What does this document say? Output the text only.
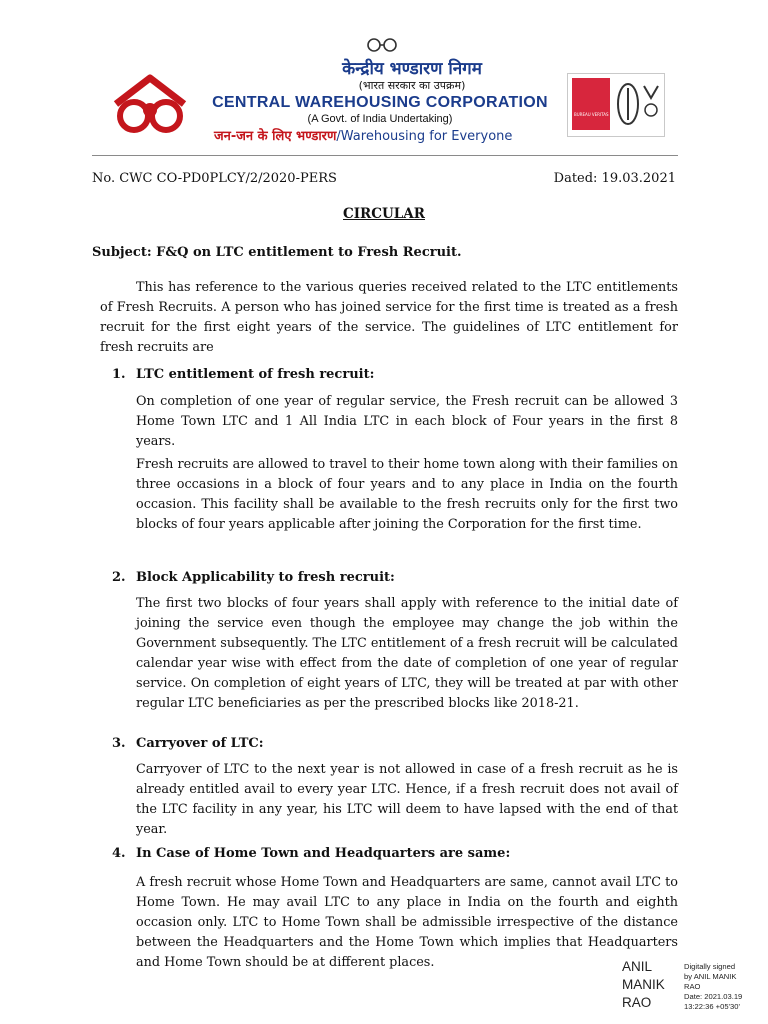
केन्द्रीय भण्डारण निगम
(भारत सरकार का उपक्रम)
CENTRAL WAREHOUSING CORPORATION
(A Govt. of India Undertaking)
जन-जन के लिए भण्डारण/Warehousing for Everyone
BUREAU VERITAS Certification
No. CWC CO-PD0PLCY/2/2020-PERS	Dated: 19.03.2021
CIRCULAR
Subject: F&Q on LTC entitlement to Fresh Recruit.
This has reference to the various queries received related to the LTC entitlements of Fresh Recruits. A person who has joined service for the first time is treated as a fresh recruit for the first eight years of the service. The guidelines of LTC entitlement for fresh recruits are
1. LTC entitlement of fresh recruit:
On completion of one year of regular service, the Fresh recruit can be allowed 3 Home Town LTC and 1 All India LTC in each block of Four years in the first 8 years.
Fresh recruits are allowed to travel to their home town along with their families on three occasions in a block of four years and to any place in India on the fourth occasion. This facility shall be available to the fresh recruits only for the first two blocks of four years applicable after joining the Corporation for the first time.
2. Block Applicability to fresh recruit:
The first two blocks of four years shall apply with reference to the initial date of joining the service even though the employee may change the job within the Government subsequently. The LTC entitlement of a fresh recruit will be calculated calendar year wise with effect from the date of completion of one year of regular service. On completion of eight years of LTC, they will be treated at par with other regular LTC beneficiaries as per the prescribed blocks like 2018-21.
3. Carryover of LTC:
Carryover of LTC to the next year is not allowed in case of a fresh recruit as he is already entitled avail to every year LTC. Hence, if a fresh recruit does not avail of the LTC facility in any year, his LTC will deem to have lapsed with the end of that year.
4. In Case of Home Town and Headquarters are same:
A fresh recruit whose Home Town and Headquarters are same, cannot avail LTC to Home Town. He may avail LTC to any place in India on the fourth and eighth occasion only. LTC to Home Town shall be admissible irrespective of the distance between the Headquarters and the Home Town which implies that Headquarters and Home Town should be at different places.	ANIL
MANIK
RAO
Digitally signed
by ANIL MANIK
RAO
Date: 2021.03.19
13:22:36 +05'30'
